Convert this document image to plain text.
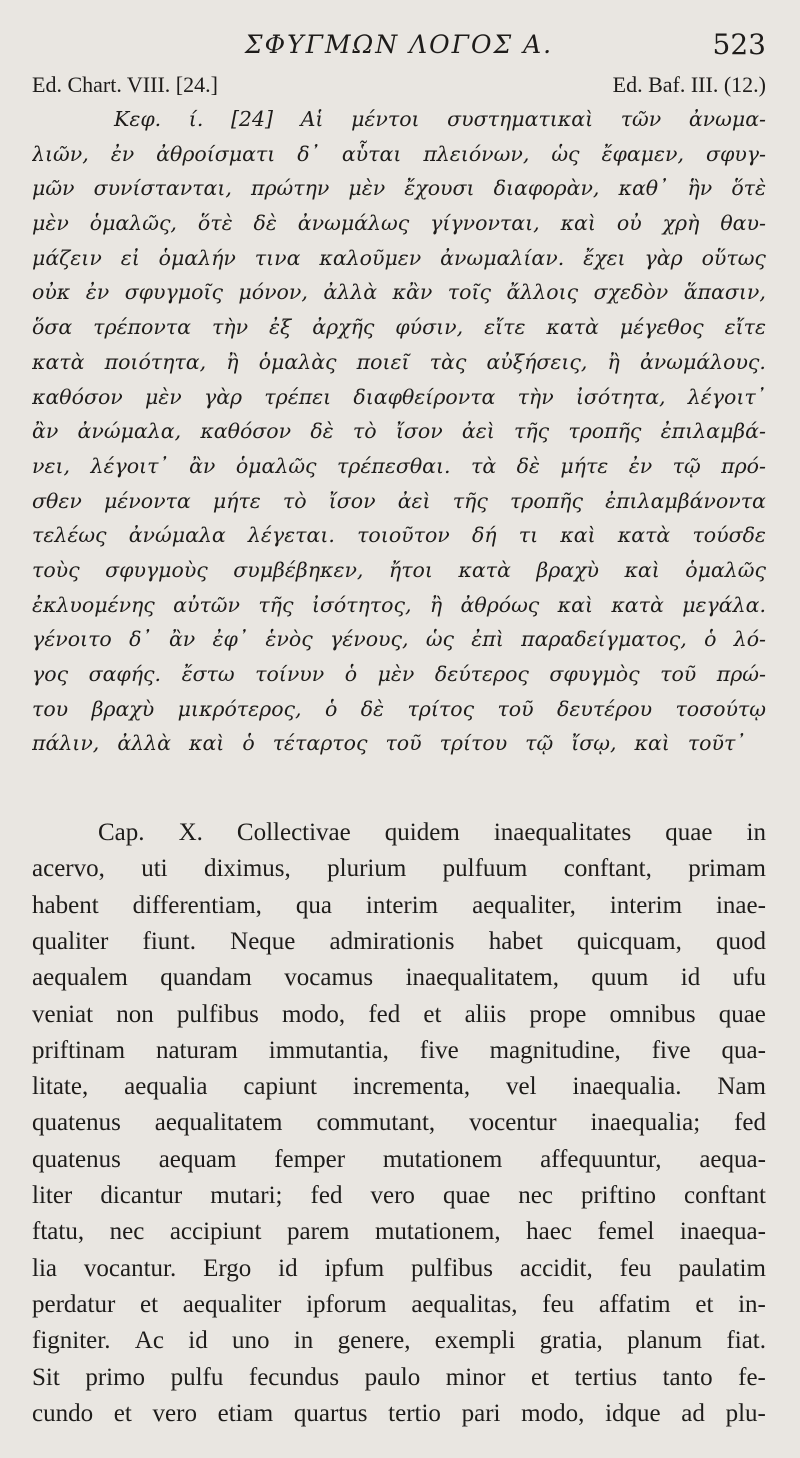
ΣΦΥΓΜΩΝ ΛΟΓΟΣ Α.	523
Ed. Chart. VIII. [24.]	Ed. Baf. III. (12.)
Κεφ. ί. [24] Αἱ μέντοι συστηματικαὶ τῶν ἀνωμα-
λιῶν, ἐν ἀθροίσματι δ᾽ αὗται πλειόνων, ὡς ἔφαμεν, σφυγ-
μῶν συνίστανται, πρώτην μὲν ἔχουσι διαφορὰν, καθ᾽ ἣν ὅτὲ
μὲν ὁμαλῶς, ὅτὲ δὲ ἀνωμάλως γίγνονται, καὶ οὐ χρὴ θαυ-
μάζειν εἰ ὁμαλήν τινα καλοῦμεν ἀνωμαλίαν. ἔχει γὰρ οὕτως
οὐκ ἐν σφυγμοῖς μόνον, ἀλλὰ κἂν τοῖς ἄλλοις σχεδὸν ἅπασιν,
ὅσα τρέποντα τὴν ἐξ ἀρχῆς φύσιν, εἴτε κατὰ μέγεθος εἴτε
κατὰ ποιότητα, ἢ ὁμαλὰς ποιεῖ τὰς αὐξήσεις, ἢ ἀνωμάλους.
καθόσον μὲν γὰρ τρέπει διαφθείροντα τὴν ἰσότητα, λέγοιτ᾽
ἂν ἀνώμαλα, καθόσον δὲ τὸ ἴσον ἀεὶ τῆς τροπῆς ἐπιλαμβά-
νει, λέγοιτ᾽ ἂν ὁμαλῶς τρέπεσθαι. τὰ δὲ μήτε ἐν τῷ πρό-
σθεν μένοντα μήτε τὸ ἴσον ἀεὶ τῆς τροπῆς ἐπιλαμβάνοντα
τελέως ἀνώμαλα λέγεται. τοιοῦτον δή τι καὶ κατὰ τούσδε
τοὺς σφυγμοὺς συμβέβηκεν, ἤτοι κατὰ βραχὺ καὶ ὁμαλῶς
ἐκλυομένης αὐτῶν τῆς ἰσότητος, ἢ ἀθρόως καὶ κατὰ μεγάλα.
γένοιτο δ᾽ ἂν ἐφ᾽ ἑνὸς γένους, ὡς ἐπὶ παραδείγματος, ὁ λό-
γος σαφής. ἔστω τοίνυν ὁ μὲν δεύτερος σφυγμὸς τοῦ πρώ-
του βραχὺ μικρότερος, ὁ δὲ τρίτος τοῦ δευτέρου τοσούτῳ
πάλιν, ἀλλὰ καὶ ὁ τέταρτος τοῦ τρίτου τῷ ἴσῳ, καὶ τοῦτ᾽
Cap. X. Collectivae quidem inaequalitates quae in
acervo, uti diximus, plurium pulfuum conftant, primam
habent differentiam, qua interim aequaliter, interim inae-
qualiter fiunt. Neque admirationis habet quicquam, quod
aequalem quandam vocamus inaequalitatem, quum id ufu
veniat non pulfibus modo, fed et aliis prope omnibus quae
priftinam naturam immutantia, five magnitudine, five qua-
litate, aequalia capiunt incrementa, vel inaequalia. Nam
quatenus aequalitatem commutant, vocentur inaequalia; fed
quatenus aequam femper mutationem affequuntur, aequa-
liter dicantur mutari; fed vero quae nec priftino conftant
ftatu, nec accipiunt parem mutationem, haec femel inaequa-
lia vocantur. Ergo id ipfum pulfibus accidit, feu paulatim
perdatur et aequaliter ipforum aequalitas, feu affatim et in-
figniter. Ac id uno in genere, exempli gratia, planum fiat.
Sit primo pulfu fecundus paulo minor et tertius tanto fe-
cundo et vero etiam quartus tertio pari modo, idque ad plu-
